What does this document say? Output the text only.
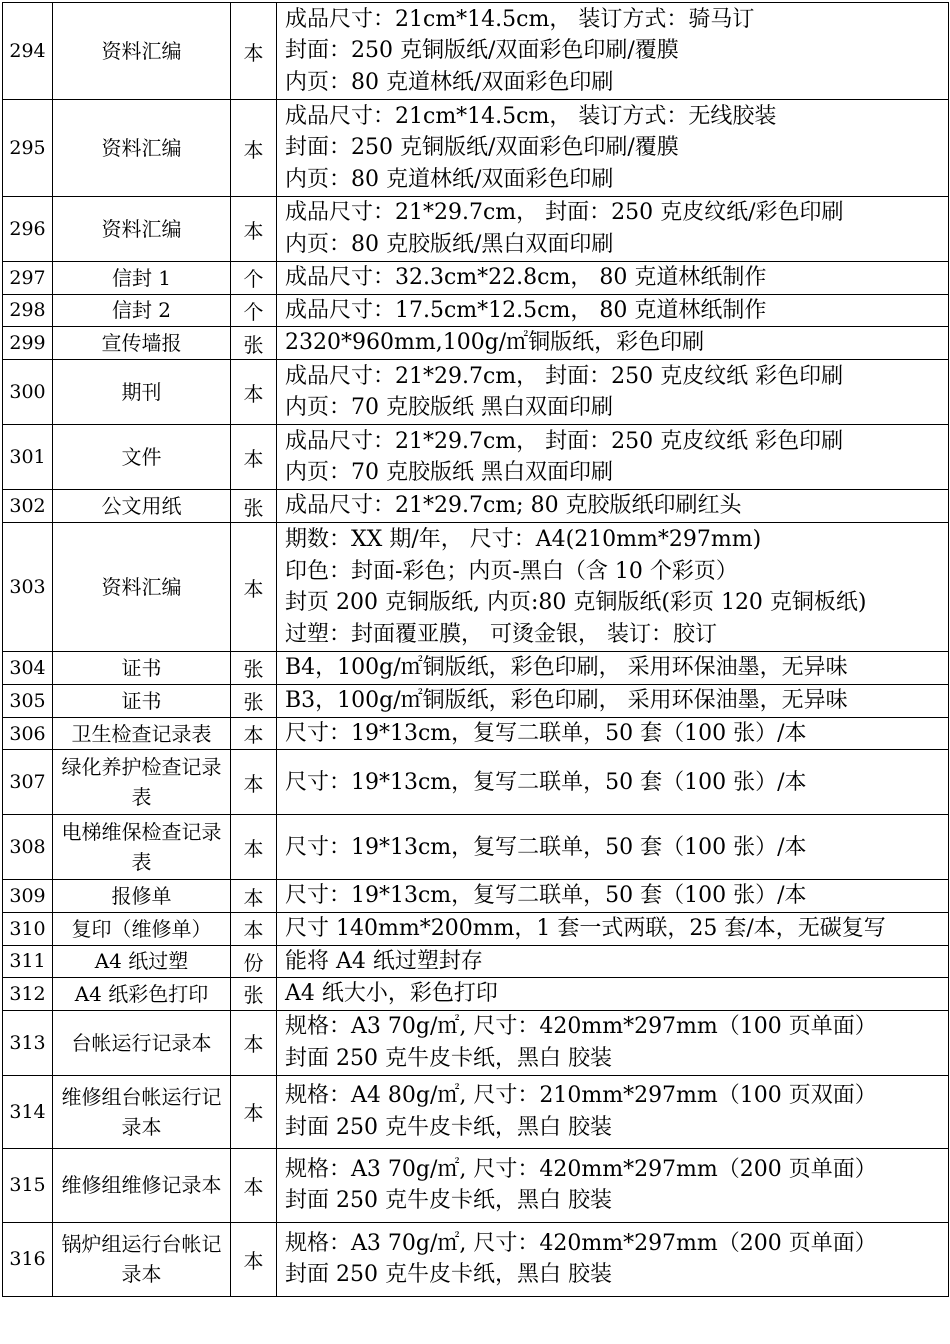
294	资料汇编	本	成品尺寸：21cm*14.5cm， 装订方式：骑马订
封面：250 克铜版纸/双面彩色印刷/覆膜
内页：80 克道林纸/双面彩色印刷

295	资料汇编	本	成品尺寸：21cm*14.5cm， 装订方式：无线胶装
封面：250 克铜版纸/双面彩色印刷/覆膜
内页：80 克道林纸/双面彩色印刷

296	资料汇编	本	成品尺寸：21*29.7cm， 封面：250 克皮纹纸/彩色印刷
内页：80 克胶版纸/黑白双面印刷

297	信封 1	个	成品尺寸：32.3cm*22.8cm， 80 克道林纸制作

298	信封 2	个	成品尺寸：17.5cm*12.5cm， 80 克道林纸制作

299	宣传墙报	张	2320*960mm,100g/㎡铜版纸，彩色印刷

300	期刊	本	成品尺寸：21*29.7cm， 封面：250 克皮纹纸 彩色印刷
内页：70 克胶版纸 黑白双面印刷

301	文件	本	成品尺寸：21*29.7cm， 封面：250 克皮纹纸 彩色印刷
内页：70 克胶版纸 黑白双面印刷

302	公文用纸	张	成品尺寸：21*29.7cm; 80 克胶版纸印刷红头

303	资料汇编	本	期数：XX 期/年， 尺寸：A4(210mm*297mm)
印色：封面-彩色；内页-黑白（含 10 个彩页）
封页 200 克铜版纸, 内页:80 克铜版纸(彩页 120 克铜板纸)
过塑：封面覆亚膜， 可烫金银， 装订：胶订

304	证书	张	B4，100g/㎡铜版纸，彩色印刷， 采用环保油墨，无异味

305	证书	张	B3，100g/㎡铜版纸，彩色印刷， 采用环保油墨，无异味

306	卫生检查记录表	本	尺寸：19*13cm，复写二联单，50 套（100 张）/本

307	绿化养护检查记录表	本	尺寸：19*13cm，复写二联单，50 套（100 张）/本

308	电梯维保检查记录表	本	尺寸：19*13cm，复写二联单，50 套（100 张）/本

309	报修单	本	尺寸：19*13cm，复写二联单，50 套（100 张）/本

310	复印（维修单）	本	尺寸 140mm*200mm，1 套一式两联，25 套/本，无碳复写

311	A4 纸过塑	份	能将 A4 纸过塑封存

312	A4 纸彩色打印	张	A4 纸大小，彩色打印

313	台帐运行记录本	本	规格：A3 70g/㎡, 尺寸：420mm*297mm（100 页单面）
封面 250 克牛皮卡纸，黑白 胶装

314	维修组台帐运行记录本	本	规格：A4 80g/㎡, 尺寸：210mm*297mm（100 页双面）
封面 250 克牛皮卡纸，黑白 胶装

315	维修组维修记录本	本	规格：A3 70g/㎡, 尺寸：420mm*297mm（200 页单面）
封面 250 克牛皮卡纸，黑白 胶装

316	锅炉组运行台帐记录本	本	规格：A3 70g/㎡, 尺寸：420mm*297mm（200 页单面）
封面 250 克牛皮卡纸，黑白 胶装
